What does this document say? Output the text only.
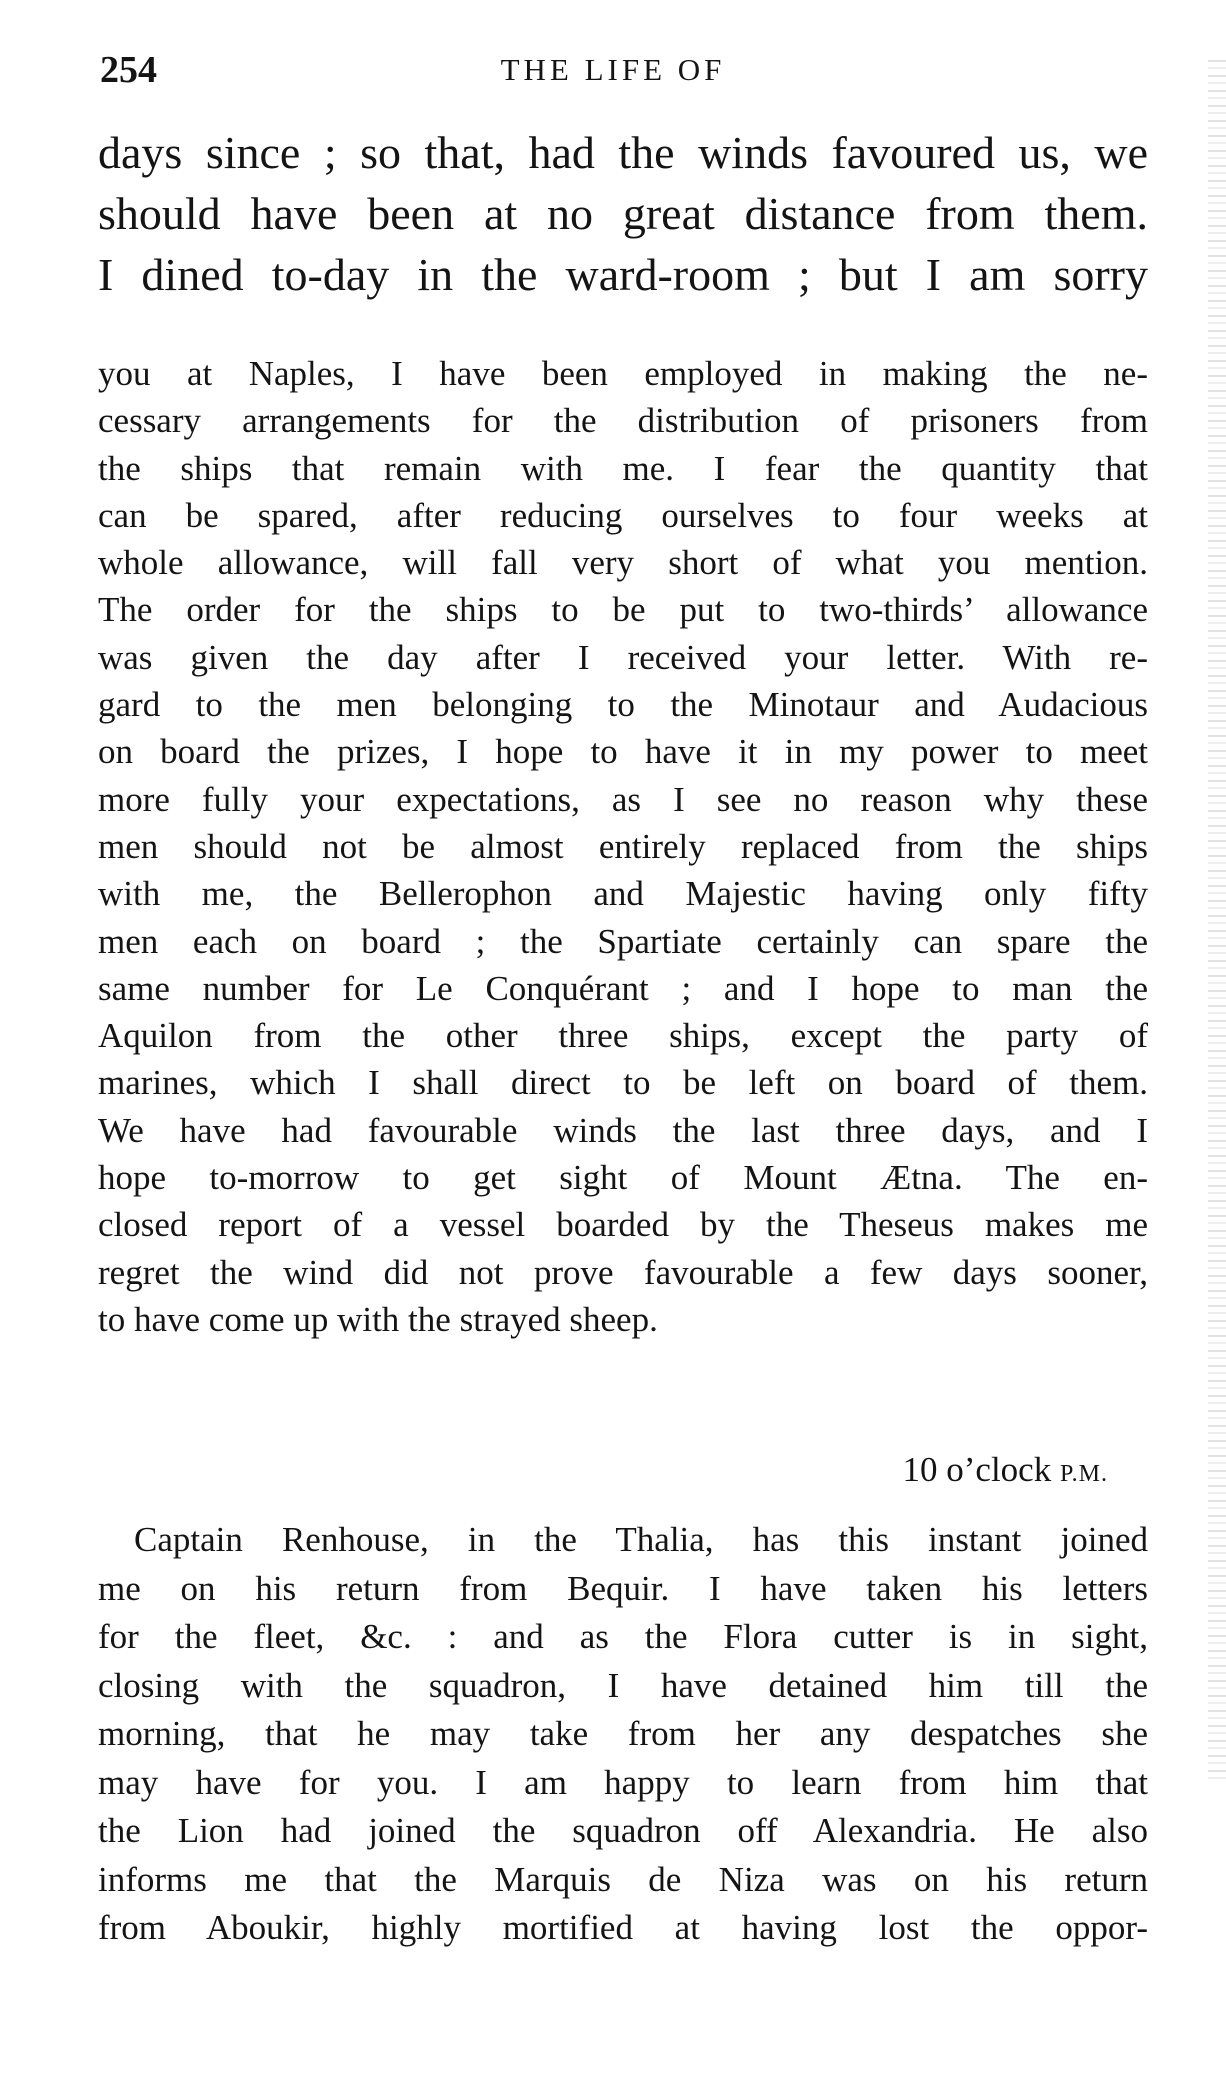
254	THE LIFE OF
days since ; so that, had the winds favoured us, we
should have been at no great distance from them.
I dined to-day in the ward-room ; but I am sorry
you at Naples, I have been employed in making the ne-
cessary arrangements for the distribution of prisoners from
the ships that remain with me. I fear the quantity that
can be spared, after reducing ourselves to four weeks at
whole allowance, will fall very short of what you mention.
The order for the ships to be put to two-thirds’ allowance
was given the day after I received your letter. With re-
gard to the men belonging to the Minotaur and Audacious
on board the prizes, I hope to have it in my power to meet
more fully your expectations, as I see no reason why these
men should not be almost entirely replaced from the ships
with me, the Bellerophon and Majestic having only fifty
men each on board ; the Spartiate certainly can spare the
same number for Le Conquérant ; and I hope to man the
Aquilon from the other three ships, except the party of
marines, which I shall direct to be left on board of them.
We have had favourable winds the last three days, and I
hope to-morrow to get sight of Mount Ætna. The en-
closed report of a vessel boarded by the Theseus makes me
regret the wind did not prove favourable a few days sooner,
to have come up with the strayed sheep.
10 o’clock P.M.
Captain Renhouse, in the Thalia, has this instant joined
me on his return from Bequir. I have taken his letters
for the fleet, &c. : and as the Flora cutter is in sight,
closing with the squadron, I have detained him till the
morning, that he may take from her any despatches she
may have for you. I am happy to learn from him that
the Lion had joined the squadron off Alexandria. He also
informs me that the Marquis de Niza was on his return
from Aboukir, highly mortified at having lost the oppor-
